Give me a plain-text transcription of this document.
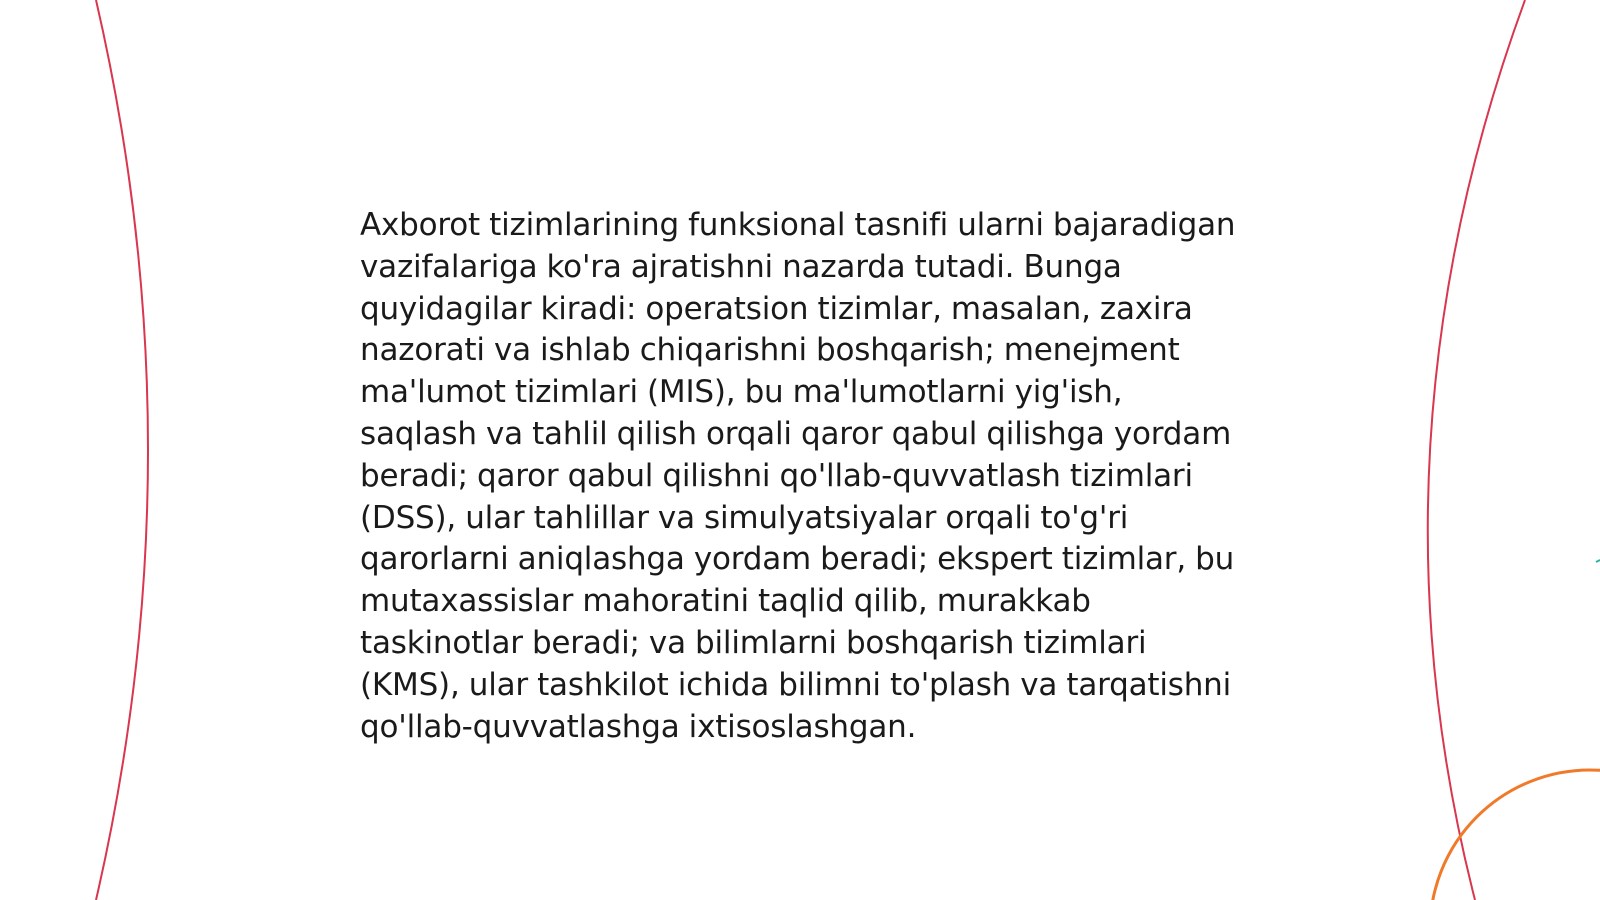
Axborot tizimlarining funksional tasnifi ularni bajaradigan vazifalariga ko'ra ajratishni nazarda tutadi. Bunga quyidagilar kiradi: operatsion tizimlar, masalan, zaxira nazorati va ishlab chiqarishni boshqarish; menejment ma'lumot tizimlari (MIS), bu ma'lumotlarni yig'ish, saqlash va tahlil qilish orqali qaror qabul qilishga yordam beradi; qaror qabul qilishni qo'llab-quvvatlash tizimlari (DSS), ular tahlillar va simulyatsiyalar orqali to'g'ri qarorlarni aniqlashga yordam beradi; ekspert tizimlar, bu mutaxassislar mahoratini taqlid qilib, murakkab taskinotlar beradi; va bilimlarni boshqarish tizimlari (KMS), ular tashkilot ichida bilimni to'plash va tarqatishni qo'llab-quvvatlashga ixtisoslashgan.
